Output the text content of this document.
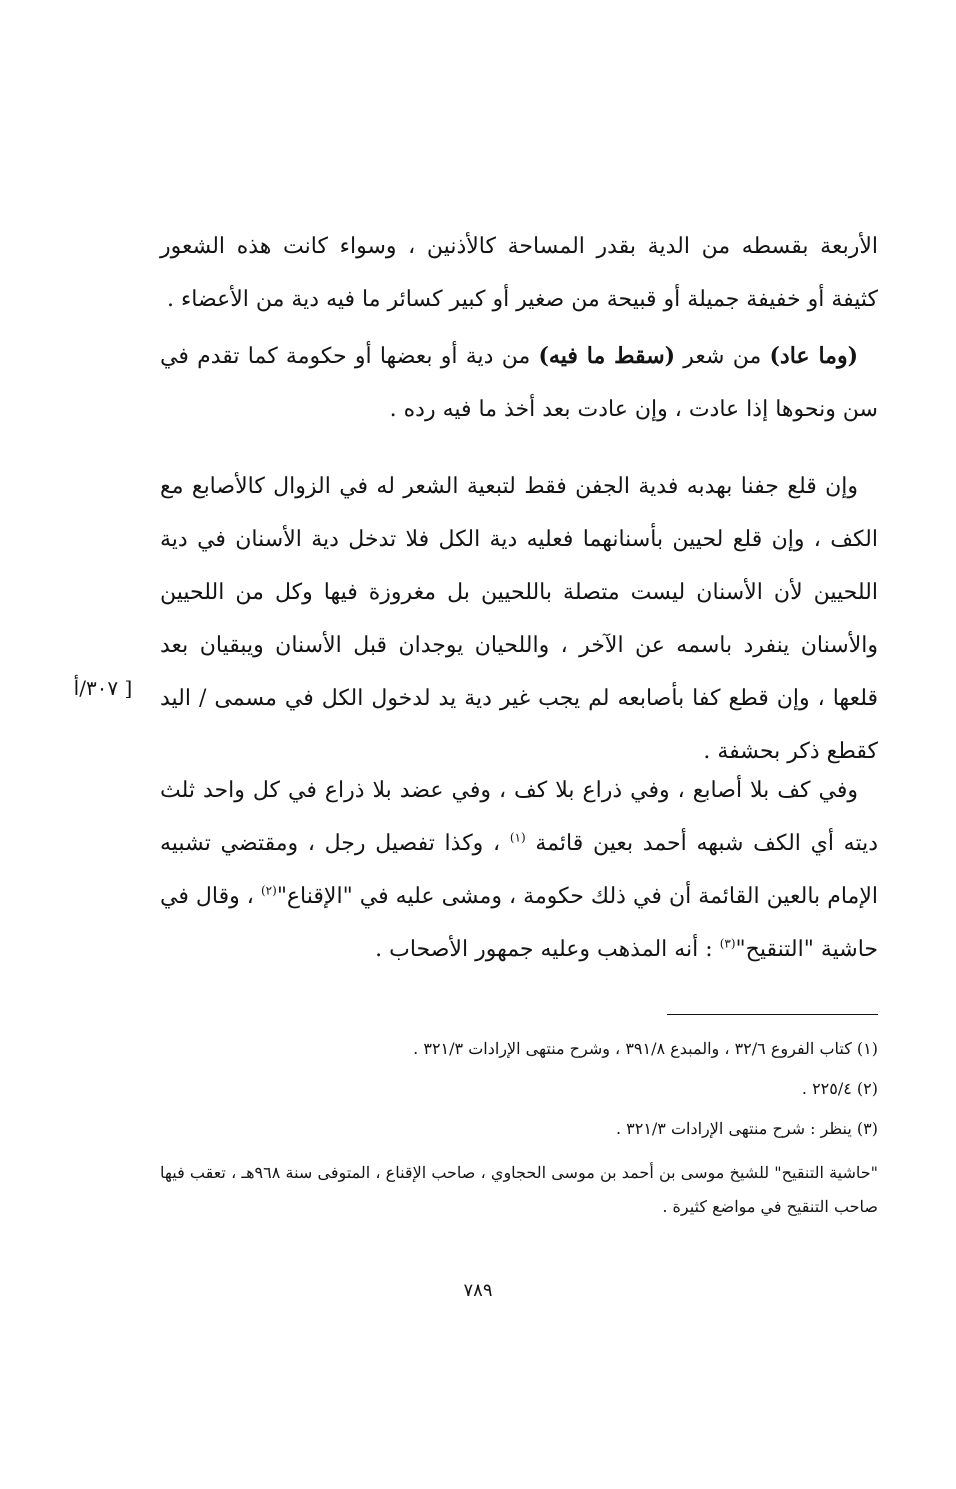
الأربعة بقسطه من الدية بقدر المساحة كالأذنين ، وسواء كانت هذه الشعور كثيفة أو خفيفة جميلة أو قبيحة من صغير أو كبير كسائر ما فيه دية من الأعضاء .

(وما عاد) من شعر (سقط ما فيه) من دية أو بعضها أو حكومة كما تقدم في سن ونحوها إذا عادت ، وإن عادت بعد أخذ ما فيه رده .

وإن قلع جفنا بهدبه فدية الجفن فقط لتبعية الشعر له في الزوال كالأصابع مع الكف ، وإن قلع لحيين بأسنانهما فعليه دية الكل فلا تدخل دية الأسنان في دية اللحيين لأن الأسنان ليست متصلة باللحيين بل مغروزة فيها وكل من اللحيين والأسنان ينفرد باسمه عن الآخر ، واللحيان يوجدان قبل الأسنان ويبقيان بعد قلعها ، وإن قطع كفا بأصابعه لم يجب غير دية يد لدخول الكل في مسمى / اليد كقطع ذكر بحشفة .

[ ٣٠٧/أ

وفي كف بلا أصابع ، وفي ذراع بلا كف ، وفي عضد بلا ذراع في كل واحد ثلث ديته أي الكف شبهه أحمد بعين قائمة $^{(١)}$ ، وكذا تفصيل رجل ، ومقتضي تشبيه الإمام بالعين القائمة أن في ذلك حكومة ، ومشى عليه في "الإقناع"$^{(٢)}$ ، وقال في حاشية "التنقيح"$^{(٣)}$ : أنه المذهب وعليه جمهور الأصحاب .

(١) كتاب الفروع ٣٢/٦ ، والمبدع ٣٩١/٨ ، وشرح منتهى الإرادات ٣٢١/٣ .

(٢) ٢٢٥/٤ .

(٣) ينظر : شرح منتهى الإرادات ٣٢١/٣ .

"حاشية التنقيح" للشيخ موسى بن أحمد بن موسى الحجاوي ، صاحب الإقناع ، المتوفى سنة ٩٦٨هـ ، تعقب فيها صاحب التنقيح في مواضع كثيرة .

٧٨٩
